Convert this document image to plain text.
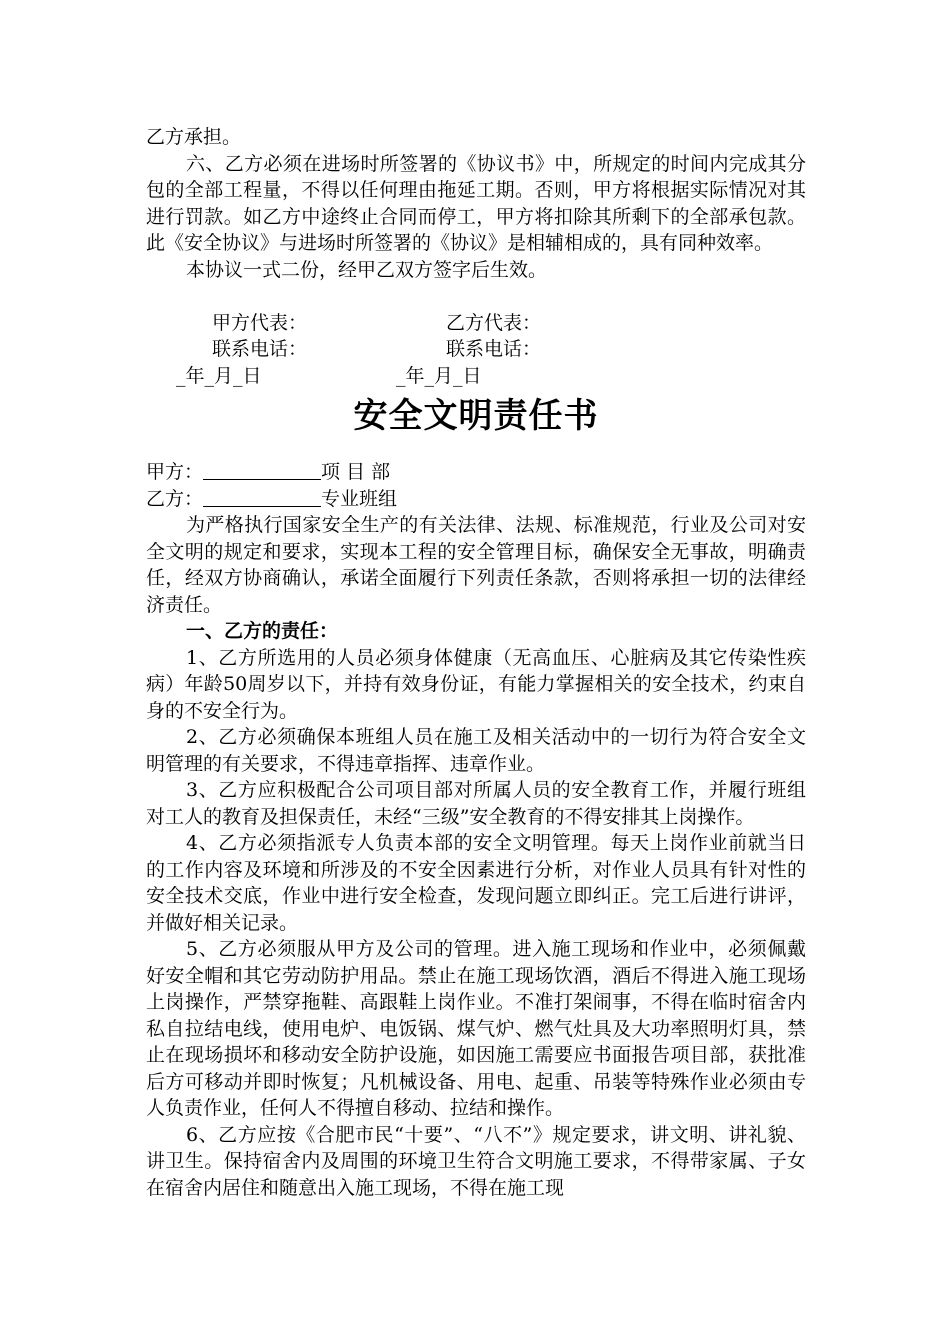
乙方承担。

六、乙方必须在进场时所签署的《协议书》中，所规定的时间内完成其分包的全部工程量，不得以任何理由拖延工期。否则，甲方将根据实际情况对其进行罚款。如乙方中途终止合同而停工，甲方将扣除其所剩下的全部承包款。此《安全协议》与进场时所签署的《协议》是相辅相成的，具有同种效率。

本协议一式二份，经甲乙双方签字后生效。

甲方代表：	乙方代表：
联系电话：	联系电话：
_年_月_日	_年_月_日
安全文明责任书

甲方：	项 目 部

乙方：	专业班组

为严格执行国家安全生产的有关法律、法规、标准规范，行业及公司对安全文明的规定和要求，实现本工程的安全管理目标，确保安全无事故，明确责任，经双方协商确认，承诺全面履行下列责任条款，否则将承担一切的法律经济责任。

一、乙方的责任：

1、乙方所选用的人员必须身体健康（无高血压、心脏病及其它传染性疾病）年龄50周岁以下，并持有效身份证，有能力掌握相关的安全技术，约束自身的不安全行为。

2、乙方必须确保本班组人员在施工及相关活动中的一切行为符合安全文明管理的有关要求，不得违章指挥、违章作业。

3、乙方应积极配合公司项目部对所属人员的安全教育工作，并履行班组对工人的教育及担保责任，未经“三级”安全教育的不得安排其上岗操作。

4、乙方必须指派专人负责本部的安全文明管理。每天上岗作业前就当日的工作内容及环境和所涉及的不安全因素进行分析，对作业人员具有针对性的安全技术交底，作业中进行安全检查，发现问题立即纠正。完工后进行讲评，并做好相关记录。

5、乙方必须服从甲方及公司的管理。进入施工现场和作业中，必须佩戴好安全帽和其它劳动防护用品。禁止在施工现场饮酒，酒后不得进入施工现场上岗操作，严禁穿拖鞋、高跟鞋上岗作业。不准打架闹事，不得在临时宿舍内私自拉结电线，使用电炉、电饭锅、煤气炉、燃气灶具及大功率照明灯具，禁止在现场损坏和移动安全防护设施，如因施工需要应书面报告项目部，获批准后方可移动并即时恢复；凡机械设备、用电、起重、吊装等特殊作业必须由专人负责作业，任何人不得擅自移动、拉结和操作。

6、乙方应按《合肥市民“十要”、“八不”》规定要求，讲文明、讲礼貌、讲卫生。保持宿舍内及周围的环境卫生符合文明施工要求，不得带家属、子女在宿舍内居住和随意出入施工现场，不得在施工现
